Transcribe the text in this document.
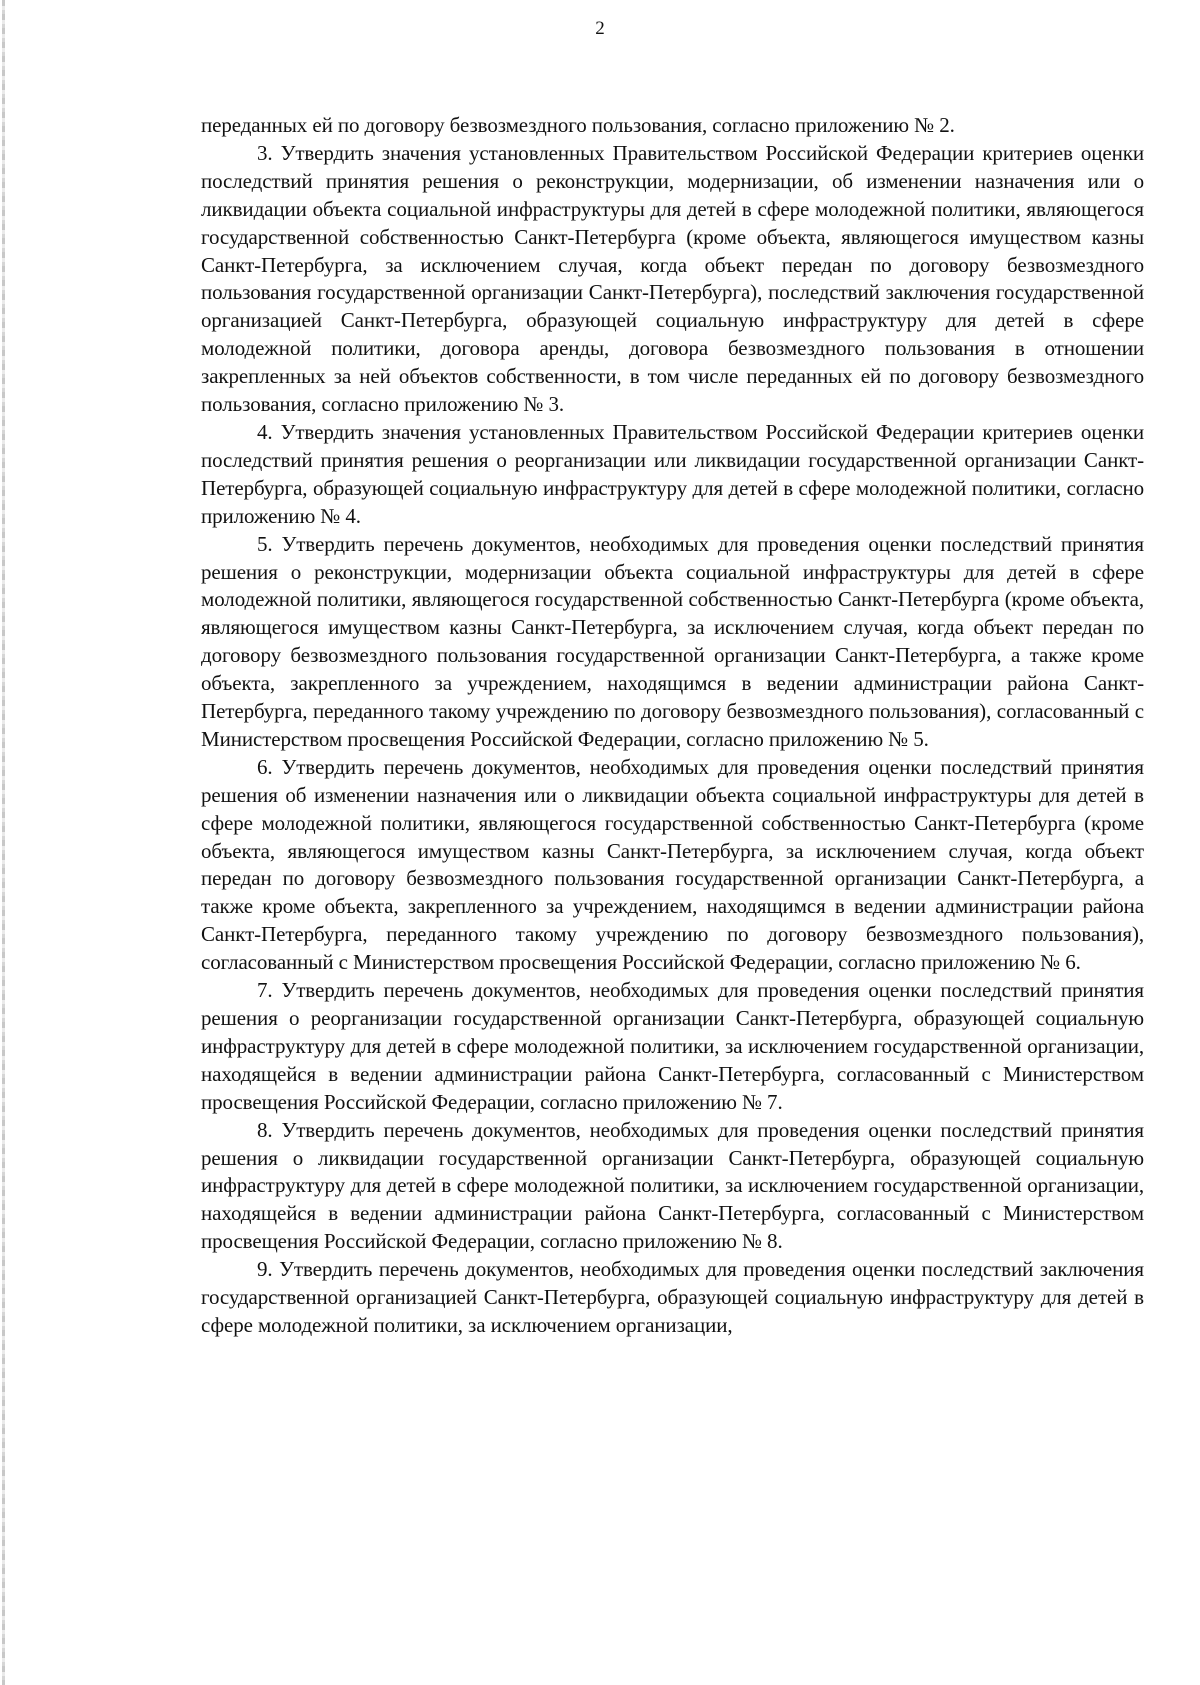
2

переданных ей по договору безвозмездного пользования, согласно приложению № 2.

3. Утвердить значения установленных Правительством Российской Федерации критериев оценки последствий принятия решения о реконструкции, модернизации, об изменении назначения или о ликвидации объекта социальной инфраструктуры для детей в сфере молодежной политики, являющегося государственной собственностью Санкт-Петербурга (кроме объекта, являющегося имуществом казны Санкт-Петербурга, за исключением случая, когда объект передан по договору безвозмездного пользования государственной организации Санкт-Петербурга), последствий заключения государственной организацией Санкт-Петербурга, образующей социальную инфраструктуру для детей в сфере молодежной политики, договора аренды, договора безвозмездного пользования в отношении закрепленных за ней объектов собственности, в том числе переданных ей по договору безвозмездного пользования, согласно приложению № 3.

4. Утвердить значения установленных Правительством Российской Федерации критериев оценки последствий принятия решения о реорганизации или ликвидации государственной организации Санкт-Петербурга, образующей социальную инфраструктуру для детей в сфере молодежной политики, согласно приложению № 4.

5. Утвердить перечень документов, необходимых для проведения оценки последствий принятия решения о реконструкции, модернизации объекта социальной инфраструктуры для детей в сфере молодежной политики, являющегося государственной собственностью Санкт-Петербурга (кроме объекта, являющегося имуществом казны Санкт-Петербурга, за исключением случая, когда объект передан по договору безвозмездного пользования государственной организации Санкт-Петербурга, а также кроме объекта, закрепленного за учреждением, находящимся в ведении администрации района Санкт-Петербурга, переданного такому учреждению по договору безвозмездного пользования), согласованный с Министерством просвещения Российской Федерации, согласно приложению № 5.

6. Утвердить перечень документов, необходимых для проведения оценки последствий принятия решения об изменении назначения или о ликвидации объекта социальной инфраструктуры для детей в сфере молодежной политики, являющегося государственной собственностью Санкт-Петербурга (кроме объекта, являющегося имуществом казны Санкт-Петербурга, за исключением случая, когда объект передан по договору безвозмездного пользования государственной организации Санкт-Петербурга, а также кроме объекта, закрепленного за учреждением, находящимся в ведении администрации района Санкт-Петербурга, переданного такому учреждению по договору безвозмездного пользования), согласованный с Министерством просвещения Российской Федерации, согласно приложению № 6.

7. Утвердить перечень документов, необходимых для проведения оценки последствий принятия решения о реорганизации государственной организации Санкт-Петербурга, образующей социальную инфраструктуру для детей в сфере молодежной политики, за исключением государственной организации, находящейся в ведении администрации района Санкт-Петербурга, согласованный с Министерством просвещения Российской Федерации, согласно приложению № 7.

8. Утвердить перечень документов, необходимых для проведения оценки последствий принятия решения о ликвидации государственной организации Санкт-Петербурга, образующей социальную инфраструктуру для детей в сфере молодежной политики, за исключением государственной организации, находящейся в ведении администрации района Санкт-Петербурга, согласованный с Министерством просвещения Российской Федерации, согласно приложению № 8.

9. Утвердить перечень документов, необходимых для проведения оценки последствий заключения государственной организацией Санкт-Петербурга, образующей социальную инфраструктуру для детей в сфере молодежной политики, за исключением организации,
